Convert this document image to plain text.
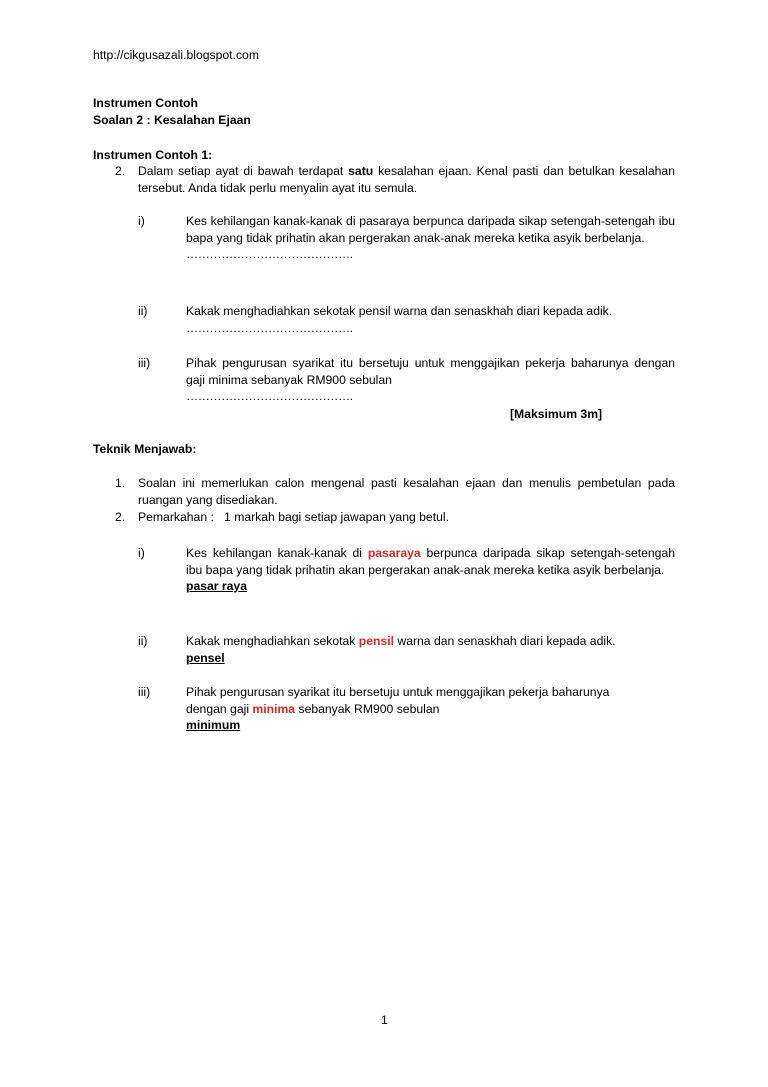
http://cikgusazali.blogspot.com
Instrumen Contoh
Soalan 2 : Kesalahan Ejaan
Instrumen Contoh 1:
2. Dalam setiap ayat di bawah terdapat satu kesalahan ejaan. Kenal pasti dan betulkan kesalahan tersebut. Anda tidak perlu menyalin ayat itu semula.
i)	Kes kehilangan kanak-kanak di pasaraya berpunca daripada sikap setengah-setengah ibu bapa yang tidak prihatin akan pergerakan anak-anak mereka ketika asyik berbelanja.
…………………………………….
ii)	Kakak menghadiahkan sekotak pensil warna dan senaskhah diari kepada adik.
…………………………………….
iii)	Pihak pengurusan syarikat itu bersetuju untuk menggajikan pekerja baharunya dengan gaji minima sebanyak RM900 sebulan
…………………………………….
[Maksimum 3m]
Teknik Menjawab:
1. Soalan ini memerlukan calon mengenal pasti kesalahan ejaan dan menulis pembetulan pada ruangan yang disediakan.
2. Pemarkahan :   1 markah bagi setiap jawapan yang betul.
i)	Kes kehilangan kanak-kanak di pasaraya berpunca daripada sikap setengah-setengah ibu bapa yang tidak prihatin akan pergerakan anak-anak mereka ketika asyik berbelanja.
pasar raya
ii)	Kakak menghadiahkan sekotak pensil warna dan senaskhah diari kepada adik.
pensel
iii)	Pihak pengurusan syarikat itu bersetuju untuk menggajikan pekerja baharunya dengan gaji minima sebanyak RM900 sebulan
minimum
1
